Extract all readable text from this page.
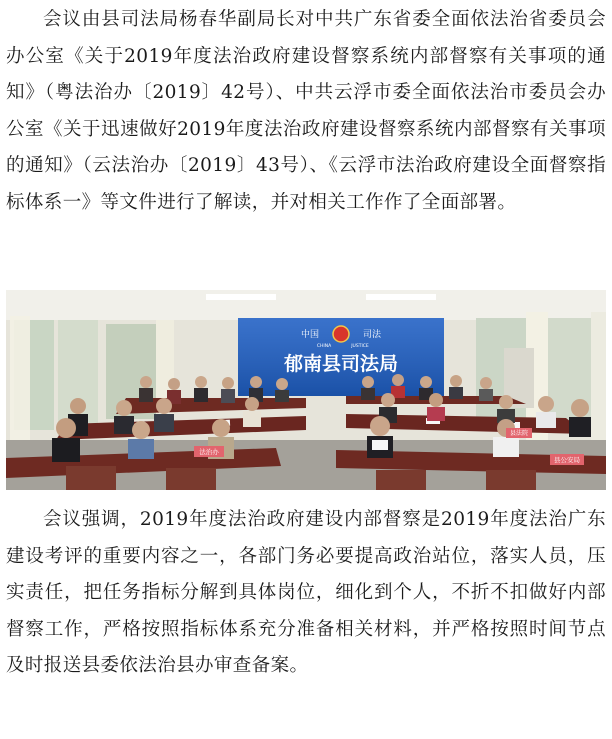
会议由县司法局杨春华副局长对中共广东省委全面依法治省委员会办公室《关于2019年度法治政府建设督察系统内部督察有关事项的通知》（粤法治办〔2019〕42号）、中共云浮市委全面依法治市委员会办公室《关于迅速做好2019年度法治政府建设督察系统内部督察有关事项的通知》（云法治办〔2019〕43号）、《云浮市法治政府建设全面督察指标体系一》等文件进行了解读，并对相关工作作了全面部署。

中国	司法
CHINA	JUSTICE
郁南县司法局
法治办
县法院
县公安局

会议强调，2019年度法治政府建设内部督察是2019年度法治广东建设考评的重要内容之一，各部门务必要提高政治站位，落实人员，压实责任，把任务指标分解到具体岗位，细化到个人，不折不扣做好内部督察工作，严格按照指标体系充分准备相关材料，并严格按照时间节点及时报送县委依法治县办审查备案。
